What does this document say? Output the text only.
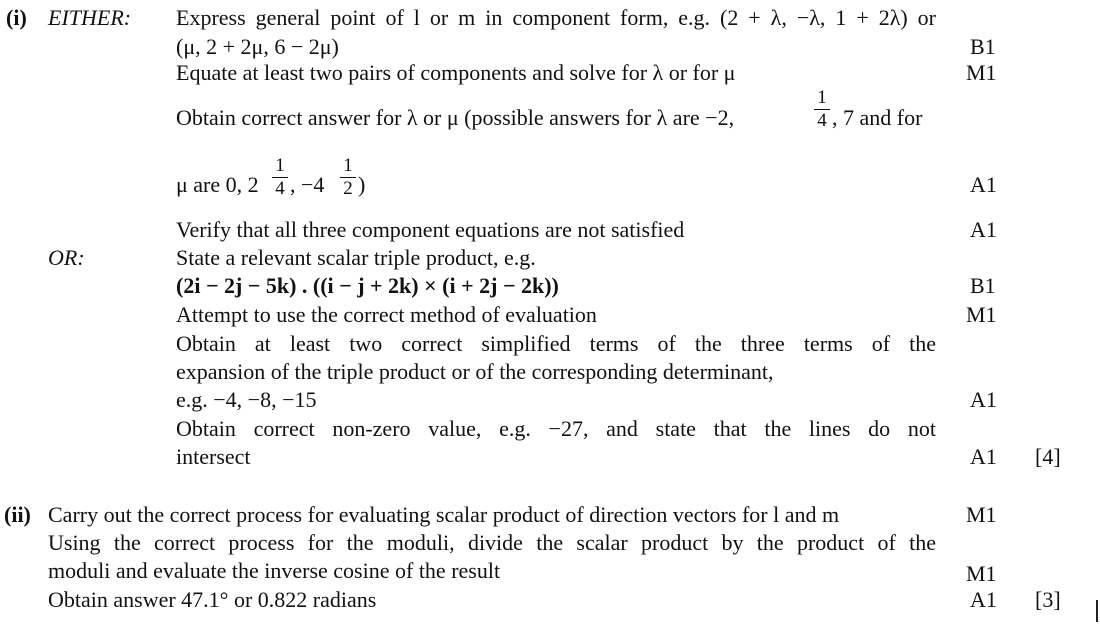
(i) EITHER: Express general point of l or m in component form, e.g. (2 + λ, −λ, 1 + 2λ) or
(μ, 2 + 2μ, 6 − 2μ)	B1
Equate at least two pairs of components and solve for λ or for μ	M1
Obtain correct answer for λ or μ (possible answers for λ are −2,
1
4 , 7 and for
μ are 0, 2
1
4 , −4
1
2 )	A1
Verify that all three component equations are not satisfied	A1
OR:	State a relevant scalar triple product, e.g.
(2i − 2j − 5k) . ((i − j + 2k) × (i + 2j − 2k))	B1
Attempt to use the correct method of evaluation	M1
Obtain at least two correct simplified terms of the three terms of the
expansion of the triple product or of the corresponding determinant,
e.g. −4, −8, −15	A1
Obtain correct non-zero value, e.g. −27, and state that the lines do not
intersect	A1 [4]
(ii) Carry out the correct process for evaluating scalar product of direction vectors for l and m	M1
Using the correct process for the moduli, divide the scalar product by the product of the
moduli and evaluate the inverse cosine of the result	M1
Obtain answer 47.1° or 0.822 radians	A1 [3]
